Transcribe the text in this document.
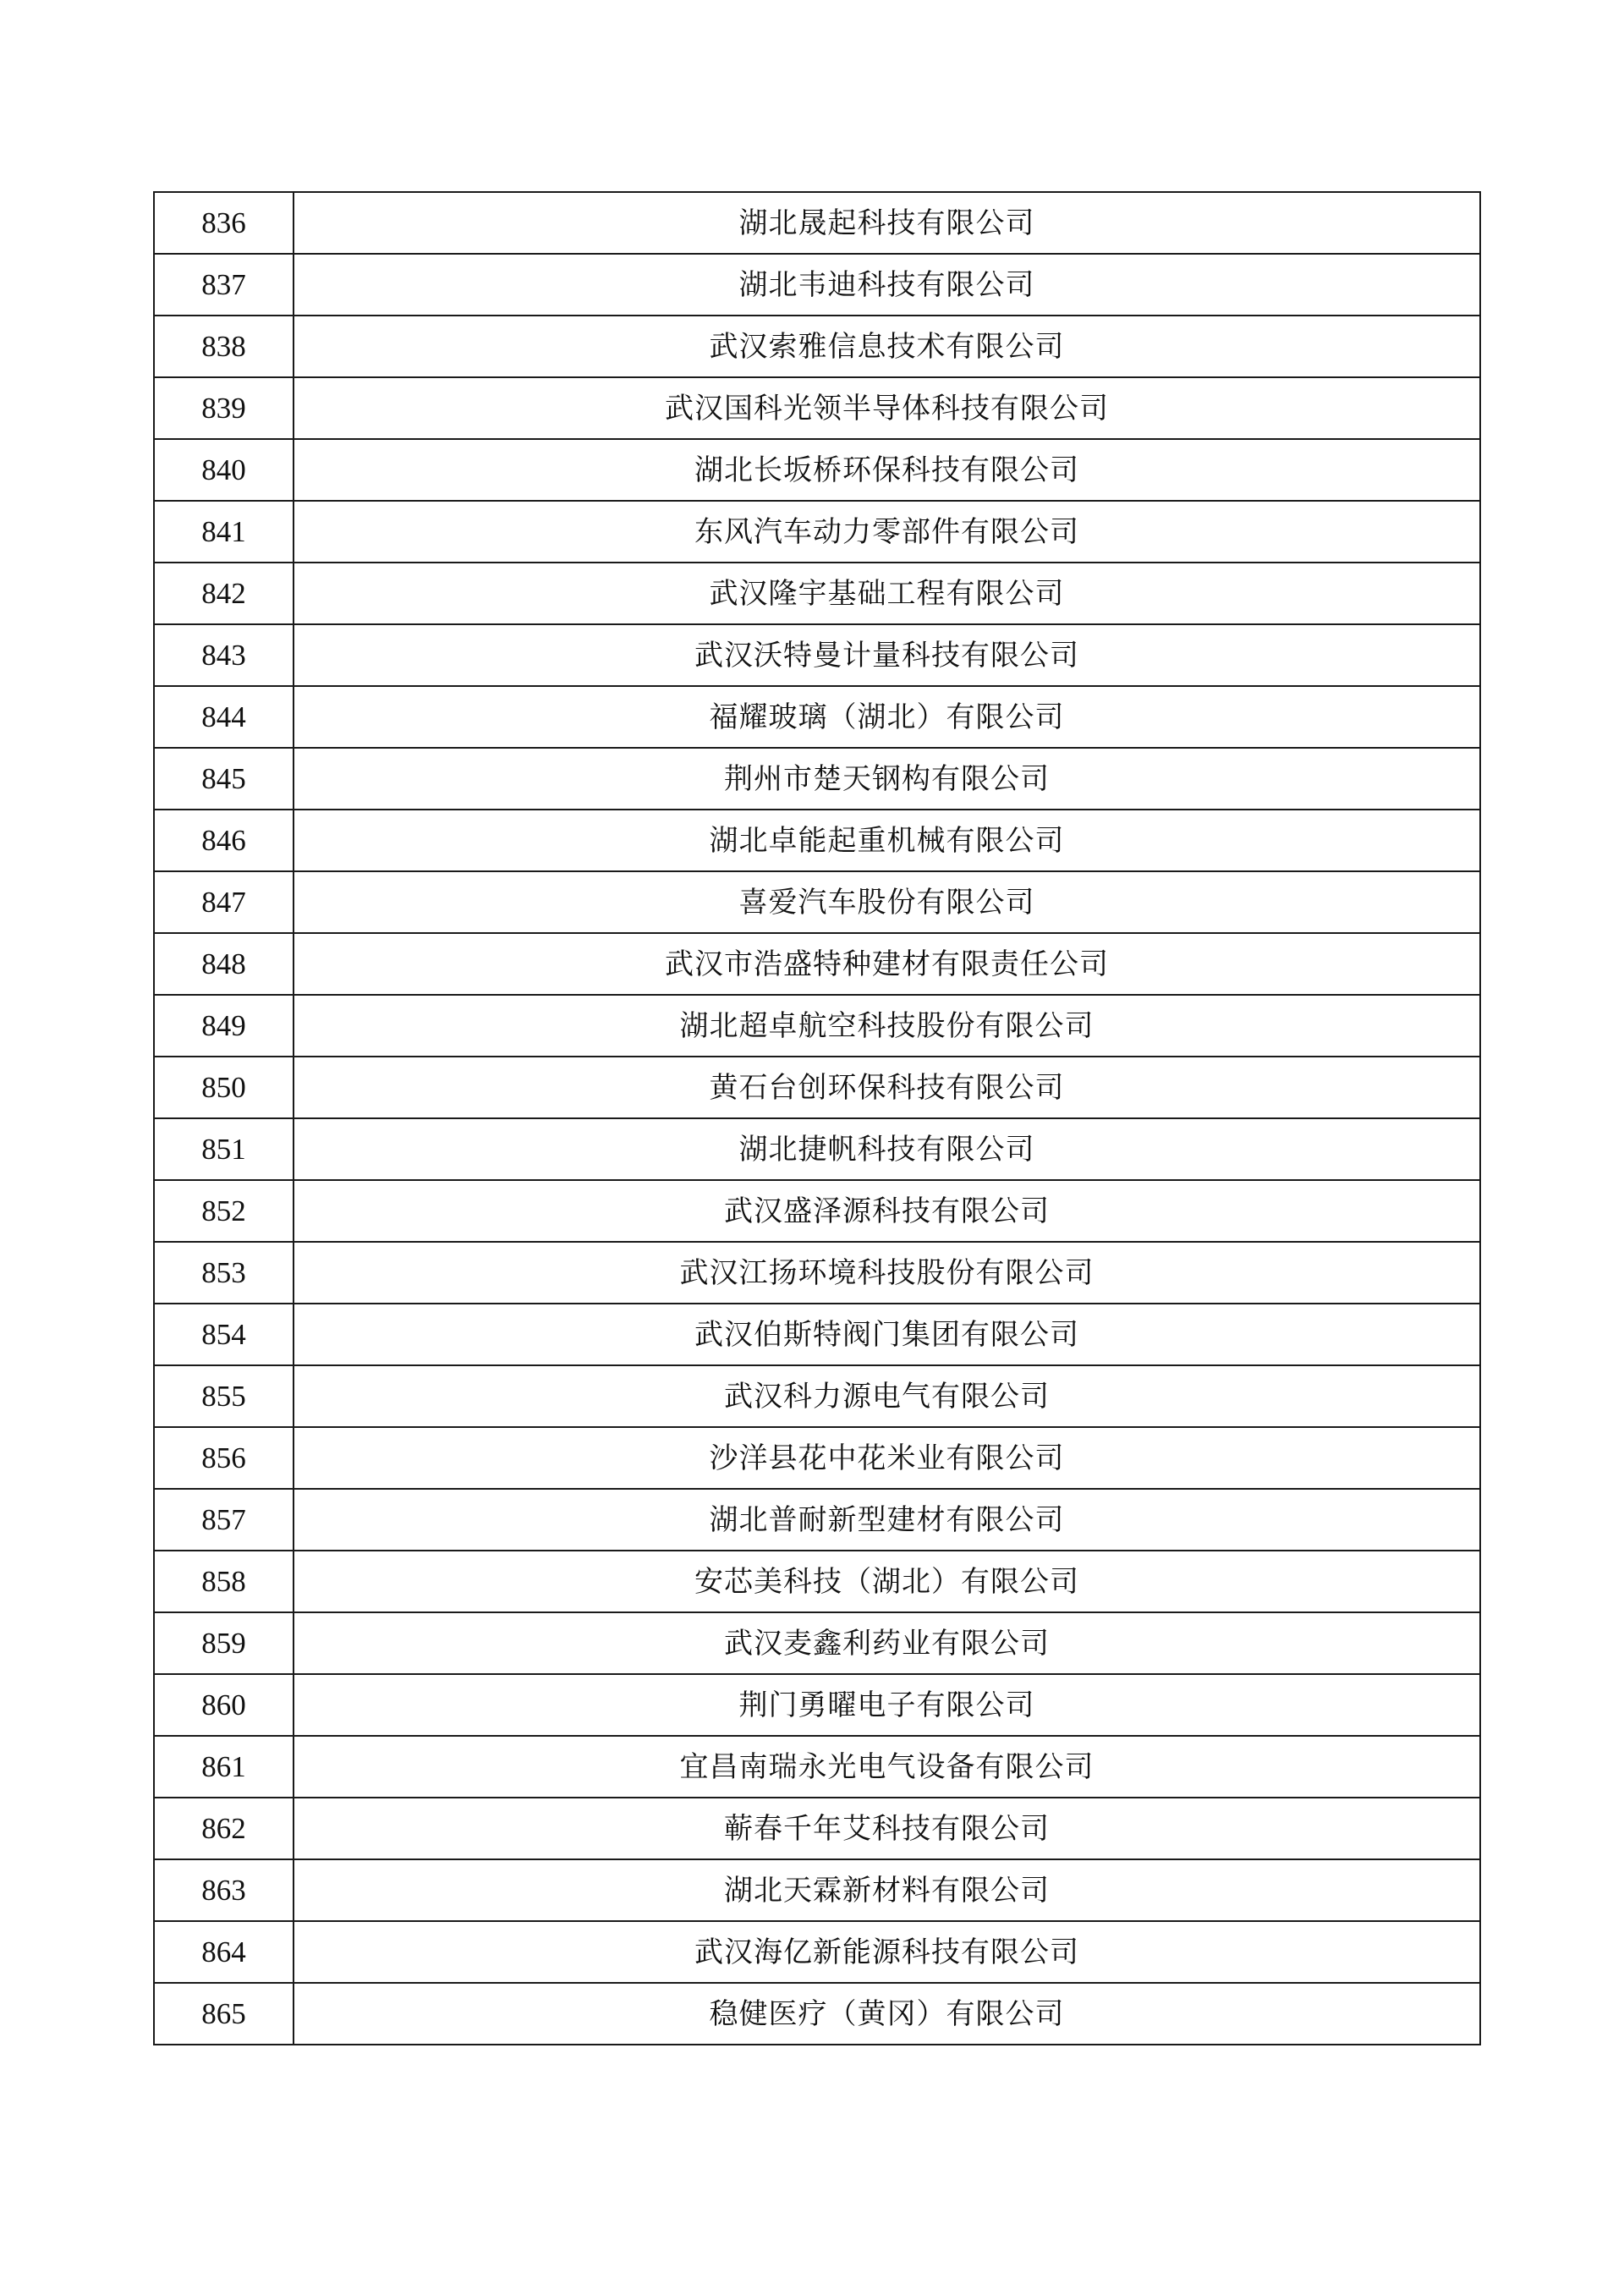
836	湖北晟起科技有限公司
837	湖北韦迪科技有限公司
838	武汉索雅信息技术有限公司
839	武汉国科光领半导体科技有限公司
840	湖北长坂桥环保科技有限公司
841	东风汽车动力零部件有限公司
842	武汉隆宇基础工程有限公司
843	武汉沃特曼计量科技有限公司
844	福耀玻璃（湖北）有限公司
845	荆州市楚天钢构有限公司
846	湖北卓能起重机械有限公司
847	喜爱汽车股份有限公司
848	武汉市浩盛特种建材有限责任公司
849	湖北超卓航空科技股份有限公司
850	黄石台创环保科技有限公司
851	湖北捷帆科技有限公司
852	武汉盛泽源科技有限公司
853	武汉江扬环境科技股份有限公司
854	武汉伯斯特阀门集团有限公司
855	武汉科力源电气有限公司
856	沙洋县花中花米业有限公司
857	湖北普耐新型建材有限公司
858	安芯美科技（湖北）有限公司
859	武汉麦鑫利药业有限公司
860	荆门勇曜电子有限公司
861	宜昌南瑞永光电气设备有限公司
862	蕲春千年艾科技有限公司
863	湖北天霖新材料有限公司
864	武汉海亿新能源科技有限公司
865	稳健医疗（黄冈）有限公司
